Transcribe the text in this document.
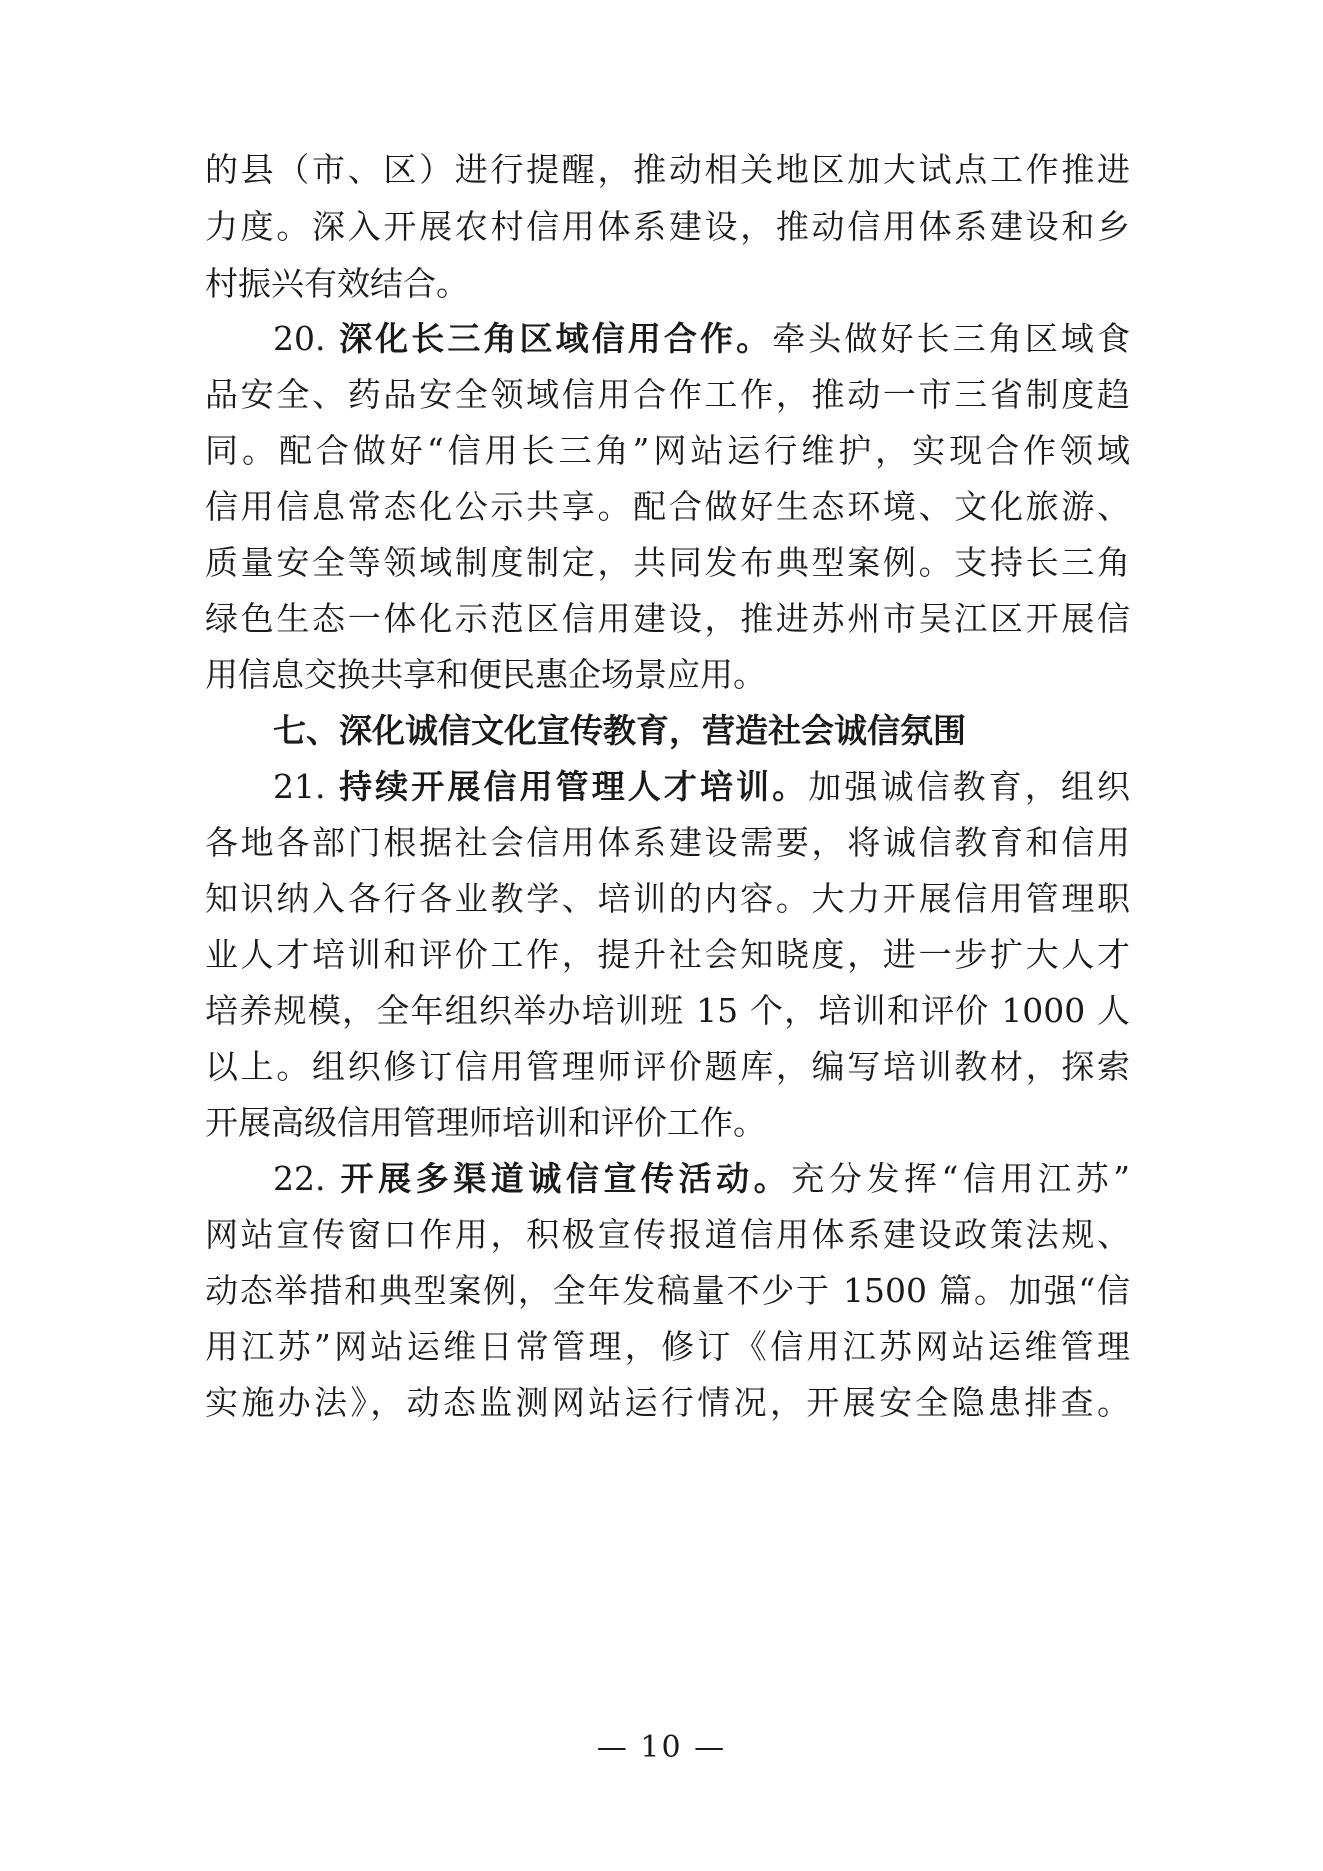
的县（市、区）进行提醒，推动相关地区加大试点工作推进
力度。深入开展农村信用体系建设，推动信用体系建设和乡
村振兴有效结合。
20. 深化长三角区域信用合作。牵头做好长三角区域食
品安全、药品安全领域信用合作工作，推动一市三省制度趋
同。配合做好“信用长三角”网站运行维护，实现合作领域
信用信息常态化公示共享。配合做好生态环境、文化旅游、
质量安全等领域制度制定，共同发布典型案例。支持长三角
绿色生态一体化示范区信用建设，推进苏州市吴江区开展信
用信息交换共享和便民惠企场景应用。
七、深化诚信文化宣传教育，营造社会诚信氛围
21. 持续开展信用管理人才培训。加强诚信教育，组织
各地各部门根据社会信用体系建设需要，将诚信教育和信用
知识纳入各行各业教学、培训的内容。大力开展信用管理职
业人才培训和评价工作，提升社会知晓度，进一步扩大人才
培养规模，全年组织举办培训班 15 个，培训和评价 1000 人
以上。组织修订信用管理师评价题库，编写培训教材，探索
开展高级信用管理师培训和评价工作。
22. 开展多渠道诚信宣传活动。充分发挥“信用江苏”
网站宣传窗口作用，积极宣传报道信用体系建设政策法规、
动态举措和典型案例，全年发稿量不少于 1500 篇。加强“信
用江苏”网站运维日常管理，修订《信用江苏网站运维管理
实施办法》，动态监测网站运行情况，开展安全隐患排查。
— 10 —
